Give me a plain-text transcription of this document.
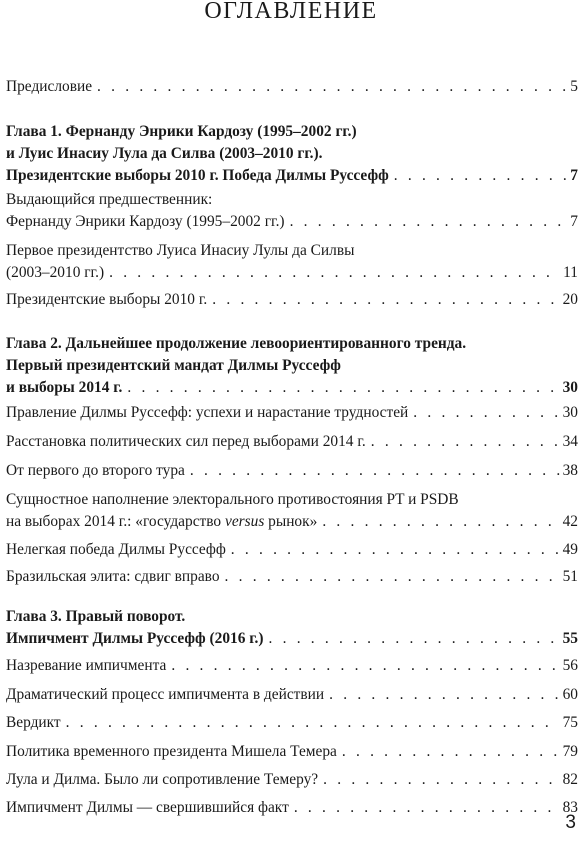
ОГЛАВЛЕНИЕ
Предисловие . . .	5
Глава 1. Фернанду Энрики Кардозу (1995–2002 гг.)
и Луис Инасиу Лула да Силва (2003–2010 гг.).
Президентские выборы 2010 г. Победа Дилмы Руссефф . . .	7
Выдающийся предшественник:
Фернанду Энрики Кардозу (1995–2002 гг.) . . .	7
Первое президентство Луиса Инасиу Лулы да Силвы
(2003–2010 гг.) . . .	11
Президентские выборы 2010 г. . . .	20
Глава 2. Дальнейшее продолжение левоориентированного тренда.
Первый президентский мандат Дилмы Руссефф
и выборы 2014 г. . . .	30
Правление Дилмы Руссефф: успехи и нарастание трудностей . . .	30
Расстановка политических сил перед выборами 2014 г. . . .	34
От первого до второго тура . . .	38
Сущностное наполнение электорального противостояния PT и PSDB
на выборах 2014 г.: «государство versus рынок» . . .	42
Нелегкая победа Дилмы Руссефф . . .	49
Бразильская элита: сдвиг вправо . . .	51
Глава 3. Правый поворот.
Импичмент Дилмы Руссефф (2016 г.) . . .	55
Назревание импичмента . . .	56
Драматический процесс импичмента в действии . . .	60
Вердикт . . .	75
Политика временного президента Мишела Темера . . .	79
Лула и Дилма. Было ли сопротивление Темеру? . . .	82
Импичмент Дилмы — свершившийся факт . . .	83
3
